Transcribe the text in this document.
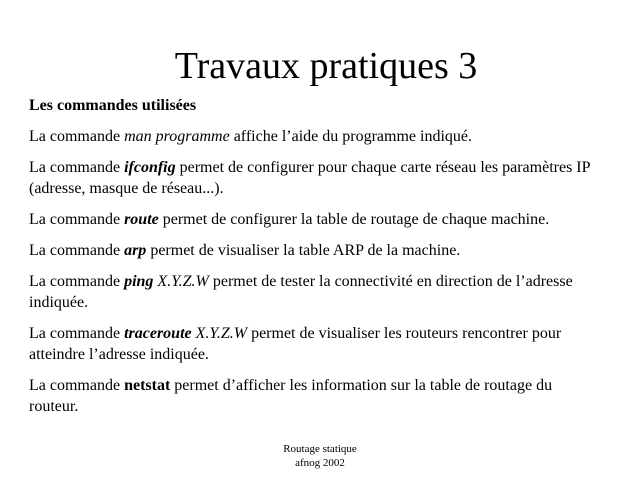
Travaux pratiques 3
Les commandes utilisées
La commande man programme affiche l’aide du programme indiqué.
La commande ifconfig permet de configurer pour chaque carte réseau les paramètres IP (adresse, masque de réseau...).
La commande route permet de configurer la table de routage de chaque machine.
La commande arp permet de visualiser la table ARP de la machine.
La commande ping X.Y.Z.W permet de tester la connectivité en direction de l’adresse indiquée.
La commande traceroute X.Y.Z.W permet de visualiser les routeurs rencontrer pour atteindre l’adresse indiquée.
La commande netstat permet d’afficher les information sur la table de routage du routeur.
Routage statique
afnog 2002
